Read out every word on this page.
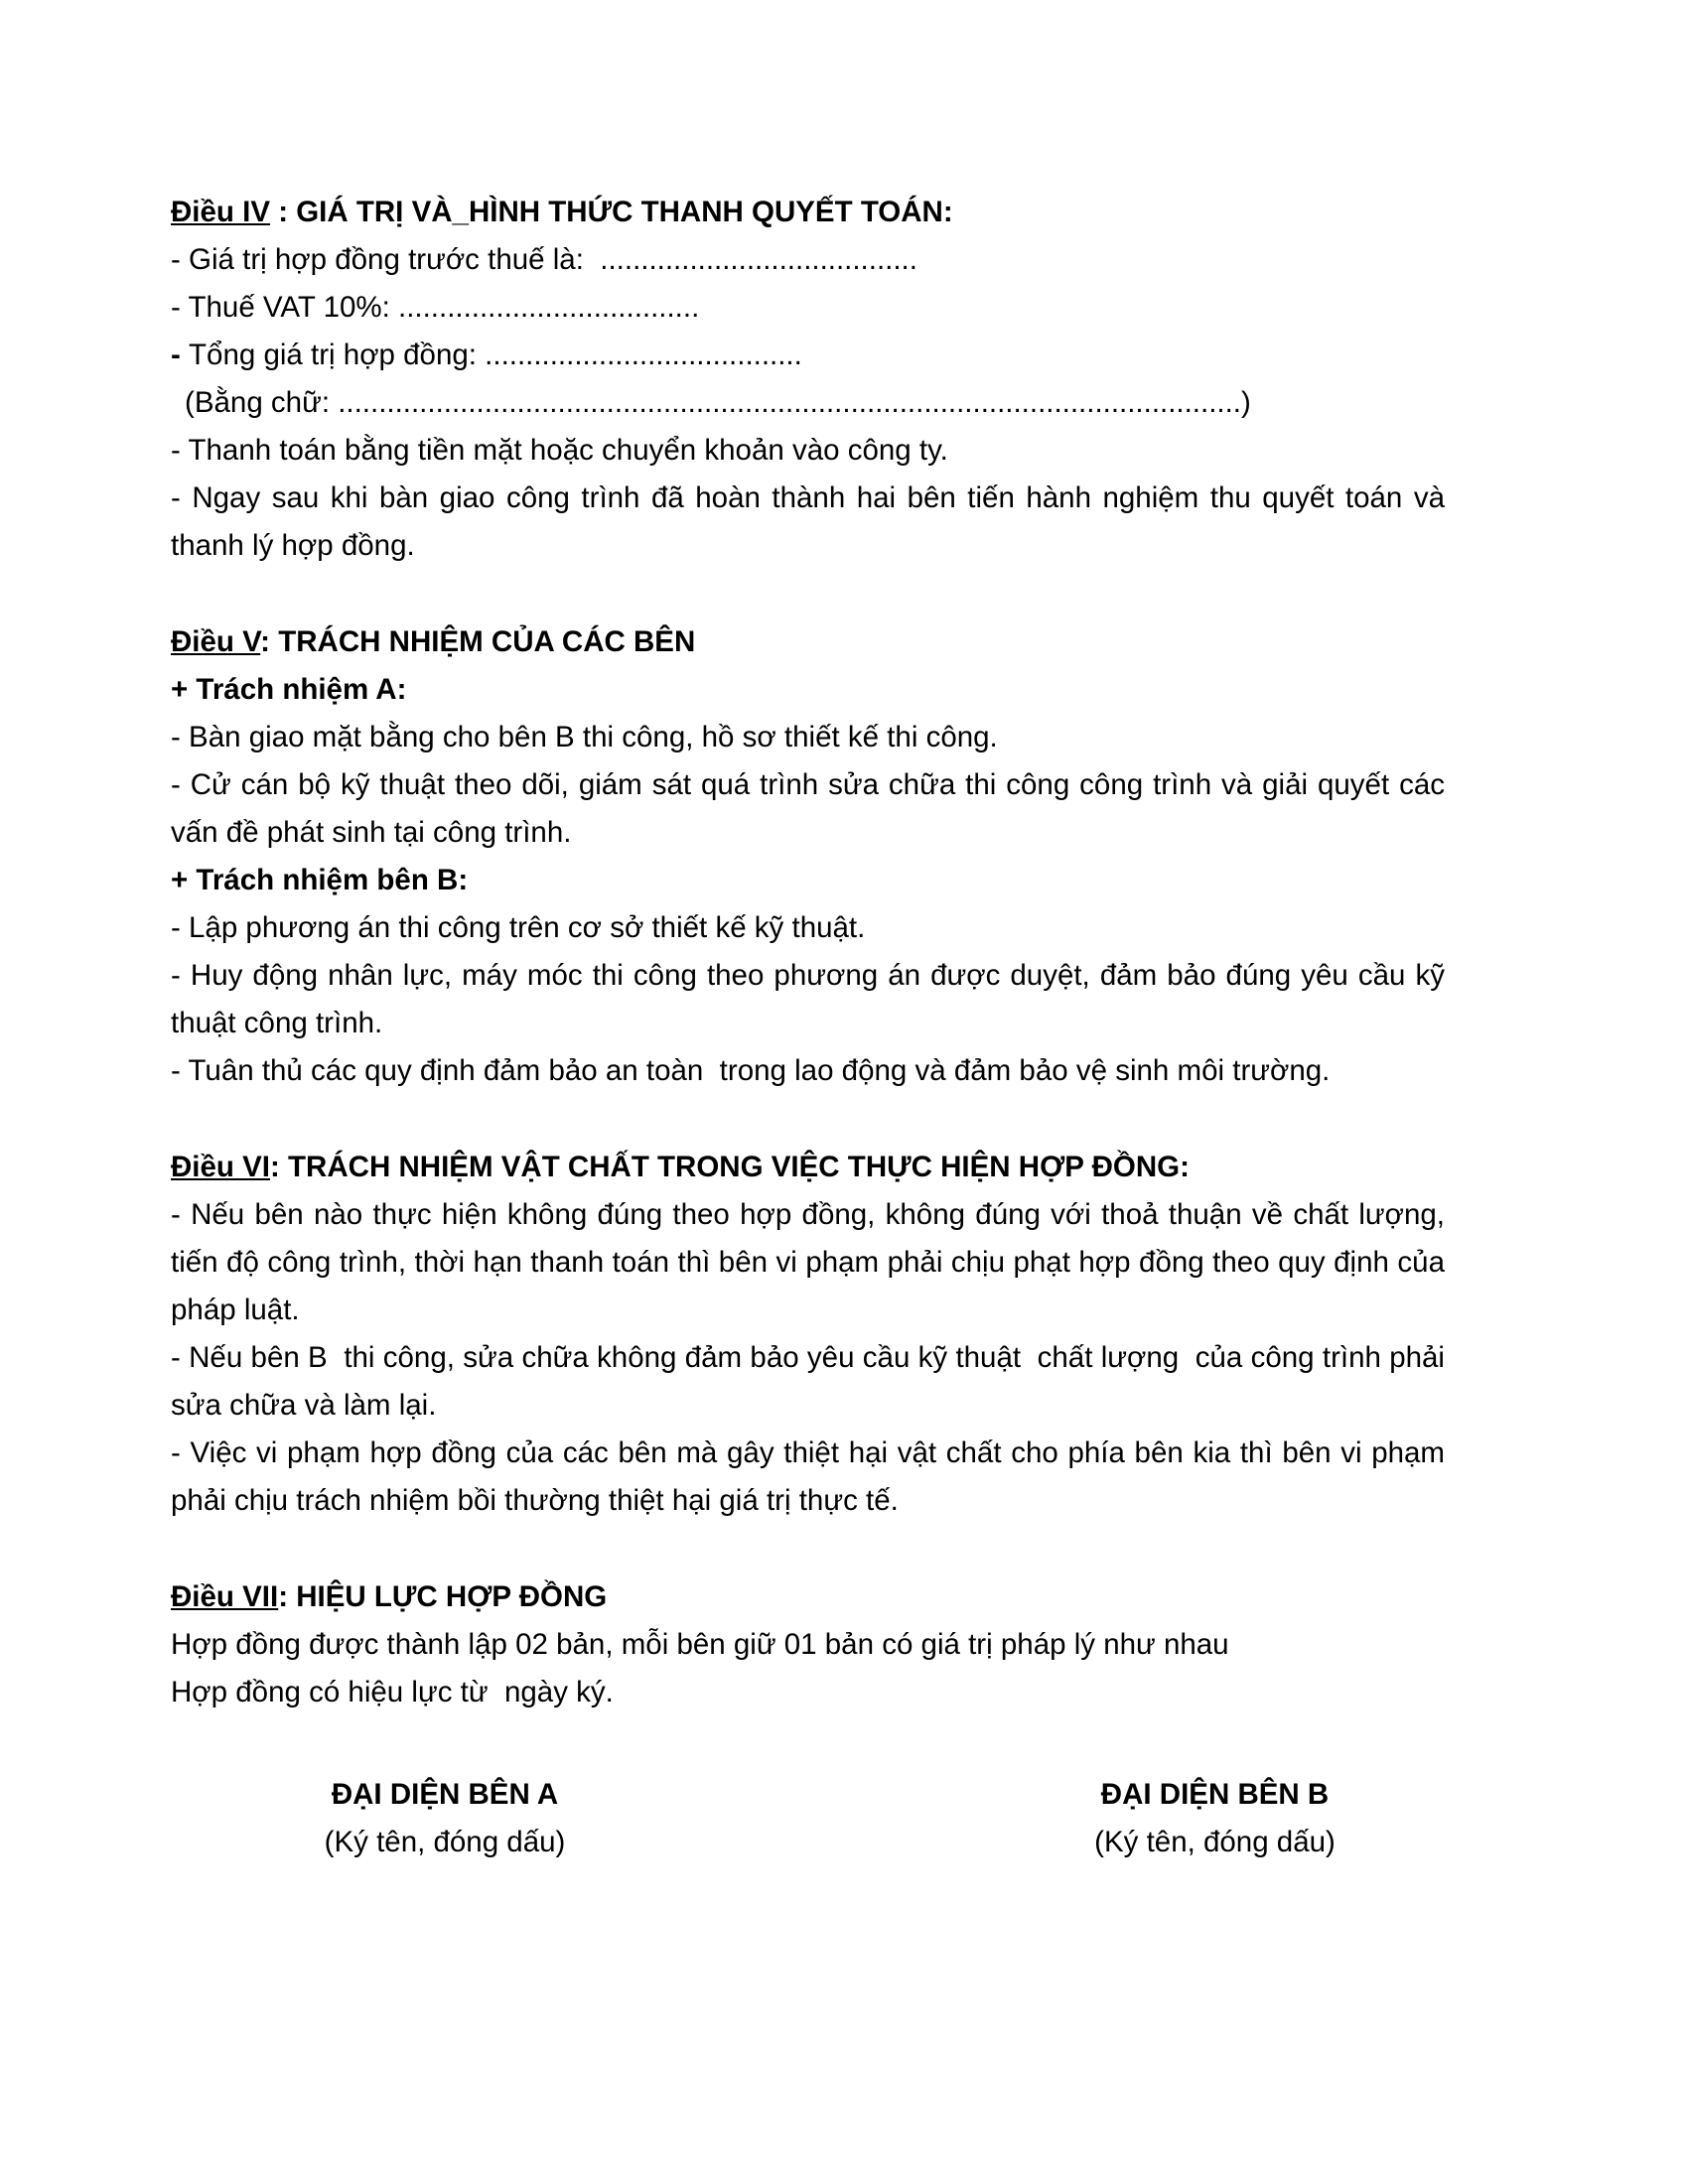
Điều IV : GIÁ TRỊ VÀ_HÌNH THỨC THANH QUYẾT TOÁN:

- Giá trị hợp đồng trước thuế là:  .......................................

- Thuế VAT 10%: .....................................

- Tổng giá trị hợp đồng: .......................................

(Bằng chữ: ...............................................................................................................)

- Thanh toán bằng tiền mặt hoặc chuyển khoản vào công ty.

- Ngay sau khi bàn giao công trình đã hoàn thành hai bên tiến hành nghiệm thu quyết toán và thanh lý hợp đồng.

Điều V: TRÁCH NHIỆM CỦA CÁC BÊN

+ Trách nhiệm A:

- Bàn giao mặt bằng cho bên B thi công, hồ sơ thiết kế thi công.

- Cử cán bộ kỹ thuật theo dõi, giám sát quá trình sửa chữa thi công công trình và giải quyết các vấn đề phát sinh tại công trình.

+ Trách nhiệm bên B:

- Lập phương án thi công trên cơ sở thiết kế kỹ thuật.

- Huy động nhân lực, máy móc thi công theo phương án được duyệt, đảm bảo đúng yêu cầu kỹ thuật công trình.

- Tuân thủ các quy định đảm bảo an toàn  trong lao động và đảm bảo vệ sinh môi trường.

Điều VI: TRÁCH NHIỆM VẬT CHẤT TRONG VIỆC THỰC HIỆN HỢP ĐỒNG:

- Nếu bên nào thực hiện không đúng theo hợp đồng, không đúng với thoả thuận về chất lượng, tiến độ công trình, thời hạn thanh toán thì bên vi phạm phải chịu phạt hợp đồng theo quy định của pháp luật.

- Nếu bên B  thi công, sửa chữa không đảm bảo yêu cầu kỹ thuật  chất lượng  của công trình phải sửa chữa và làm lại.

- Việc vi phạm hợp đồng của các bên mà gây thiệt hại vật chất cho phía bên kia thì bên vi phạm phải chịu trách nhiệm bồi thường thiệt hại giá trị thực tế.

Điều VII: HIỆU LỰC HỢP ĐỒNG

Hợp đồng được thành lập 02 bản, mỗi bên giữ 01 bản có giá trị pháp lý như nhau

Hợp đồng có hiệu lực từ  ngày ký.

ĐẠI DIỆN BÊN A

(Ký tên, đóng dấu)

ĐẠI DIỆN BÊN B

(Ký tên, đóng dấu)
